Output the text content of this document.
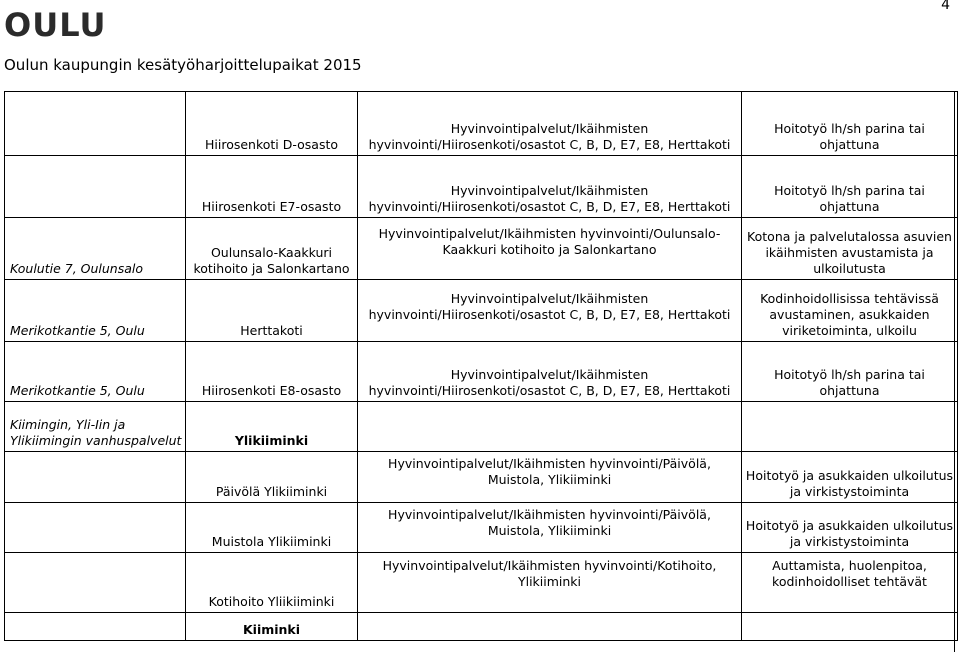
OULU
4
Oulun kaupungin kesätyöharjoittelupaikat 2015
	Hiirosenkoti D-osasto	Hyvinvointipalvelut/Ikäihmisten hyvinvointi/Hiirosenkoti/osastot C, B, D, E7, E8, Herttakoti	Hoitotyö lh/sh parina tai ohjattuna
	Hiirosenkoti E7-osasto	Hyvinvointipalvelut/Ikäihmisten hyvinvointi/Hiirosenkoti/osastot C, B, D, E7, E8, Herttakoti	Hoitotyö lh/sh parina tai ohjattuna
Koulutie 7, Oulunsalo	Oulunsalo-Kaakkuri kotihoito ja Salonkartano	Hyvinvointipalvelut/Ikäihmisten hyvinvointi/Oulunsalo-Kaakkuri kotihoito ja Salonkartano	Kotona ja palvelutalossa asuvien ikäihmisten avustamista ja ulkoilutusta
Merikotkantie 5, Oulu	Herttakoti	Hyvinvointipalvelut/Ikäihmisten hyvinvointi/Hiirosenkoti/osastot C, B, D, E7, E8, Herttakoti	Kodinhoidollisissa tehtävissä avustaminen, asukkaiden viriketoiminta, ulkoilu
Merikotkantie 5, Oulu	Hiirosenkoti E8-osasto	Hyvinvointipalvelut/Ikäihmisten hyvinvointi/Hiirosenkoti/osastot C, B, D, E7, E8, Herttakoti	Hoitotyö lh/sh parina tai ohjattuna
Kiimingin, Yli-Iin ja Ylikiimingin vanhuspalvelut	Ylikiiminki		
	Päivölä Ylikiiminki	Hyvinvointipalvelut/Ikäihmisten hyvinvointi/Päivölä, Muistola, Ylikiiminki	Hoitotyö ja asukkaiden ulkoilutus ja virkistystoiminta
	Muistola Ylikiiminki	Hyvinvointipalvelut/Ikäihmisten hyvinvointi/Päivölä, Muistola, Ylikiiminki	Hoitotyö ja asukkaiden ulkoilutus ja virkistystoiminta
	Kotihoito Yliikiiminki	Hyvinvointipalvelut/Ikäihmisten hyvinvointi/Kotihoito, Ylikiiminki	Auttamista, huolenpitoa, kodinhoidolliset tehtävät
	Kiiminki		
